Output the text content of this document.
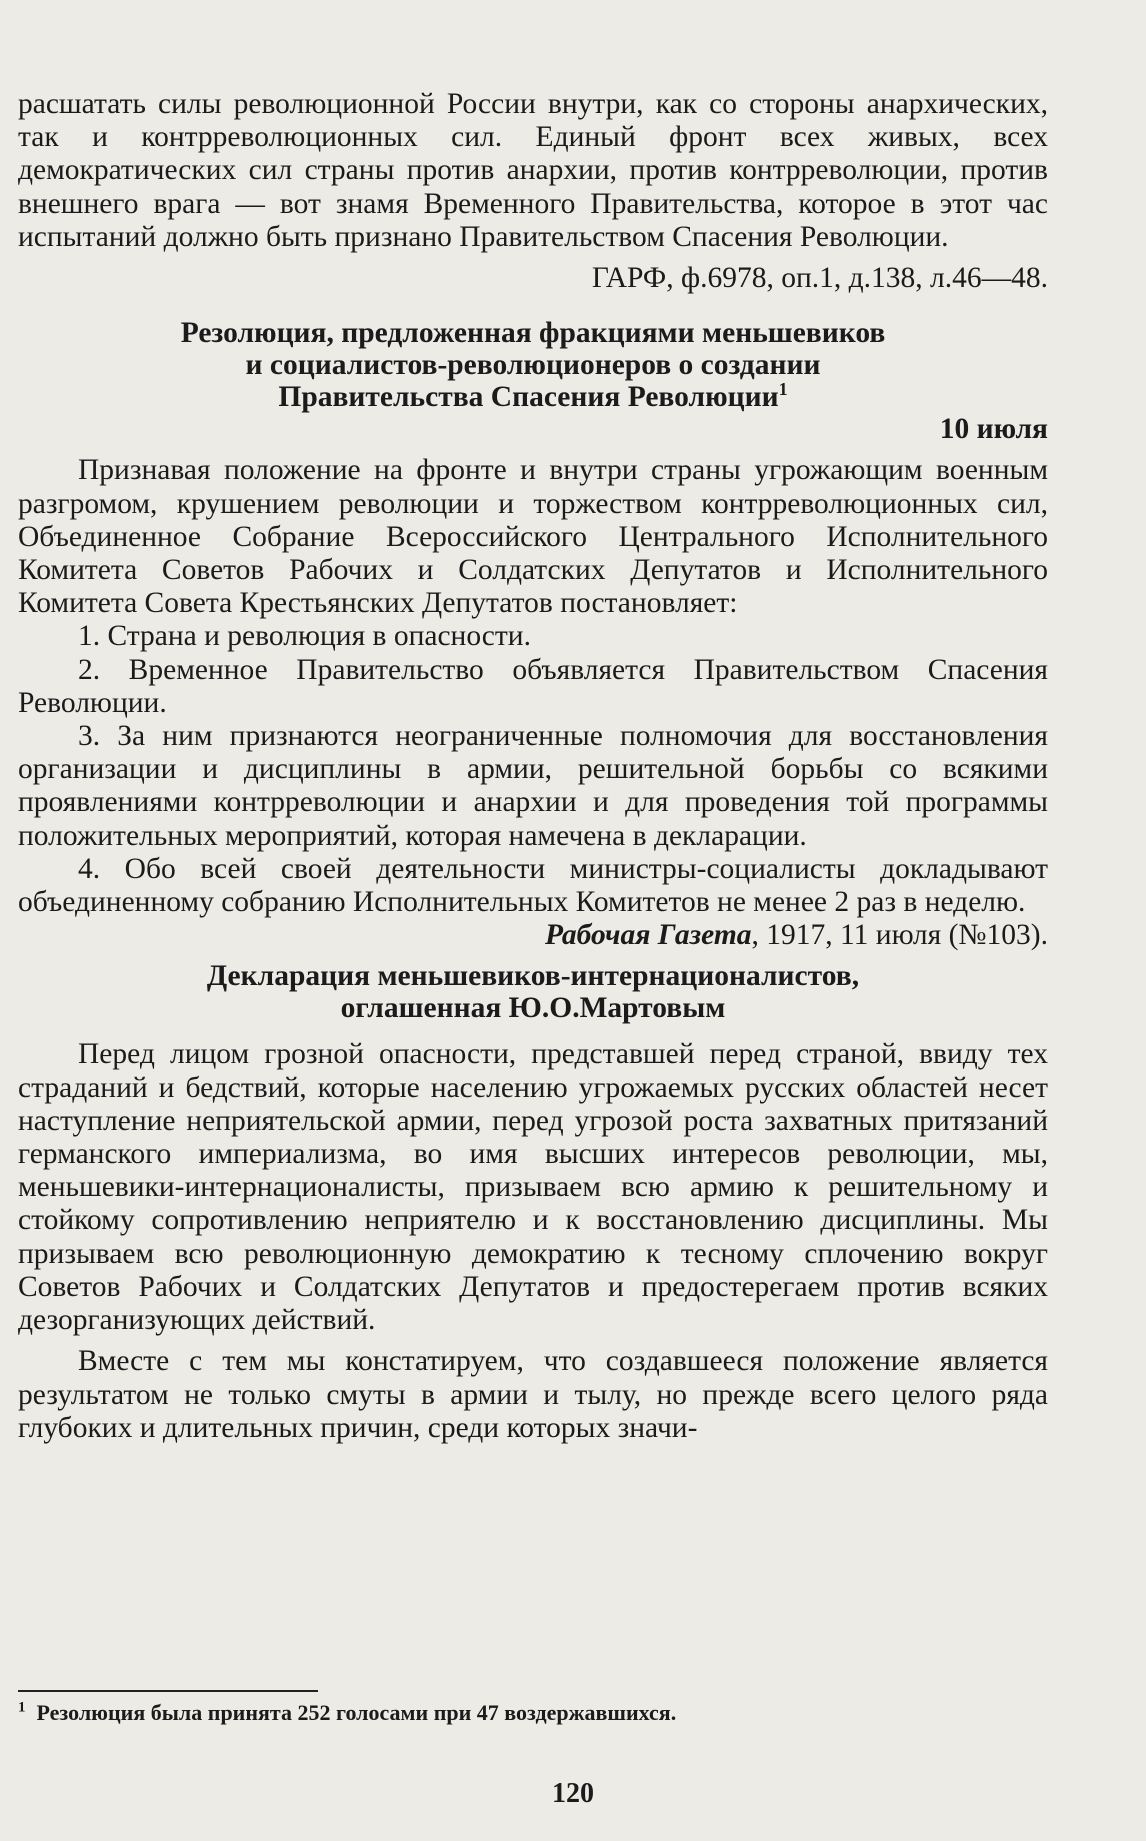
расшатать силы революционной России внутри, как со стороны анархических, так и контрреволюционных сил. Единый фронт всех живых, всех демократических сил страны против анархии, против контрреволюции, против внешнего врага — вот знамя Временного Правительства, которое в этот час испытаний должно быть признано Правительством Спасения Революции.

ГАРФ, ф.6978, оп.1, д.138, л.46—48.

Резолюция, предложенная фракциями меньшевиков

и социалистов-революционеров о создании

Правительства Спасения Революции$^1$

10 июля

Признавая положение на фронте и внутри страны угрожающим военным разгромом, крушением революции и торжеством контрреволюционных сил, Объединенное Собрание Всероссийского Центрального Исполнительного Комитета Советов Рабочих и Солдатских Депутатов и Исполнительного Комитета Совета Крестьянских Депутатов постановляет:

1. Страна и революция в опасности.

2. Временное Правительство объявляется Правительством Спасения Революции.

3. За ним признаются неограниченные полномочия для восстановления организации и дисциплины в армии, решительной борьбы со всякими проявлениями контрреволюции и анархии и для проведения той программы положительных мероприятий, которая намечена в декларации.

4. Обо всей своей деятельности министры-социалисты докладывают объединенному собранию Исполнительных Комитетов не менее 2 раз в неделю.

Рабочая Газета, 1917, 11 июля (№103).

Декларация меньшевиков-интернационалистов,

оглашенная Ю.О.Мартовым

Перед лицом грозной опасности, представшей перед страной, ввиду тех страданий и бедствий, которые населению угрожаемых русских областей несет наступление неприятельской армии, перед угрозой роста захватных притязаний германского империализма, во имя высших интересов революции, мы, меньшевики-интернационалисты, призываем всю армию к решительному и стойкому сопротивлению неприятелю и к восстановлению дисциплины. Мы призываем всю революционную демократию к тесному сплочению вокруг Советов Рабочих и Солдатских Депутатов и предостерегаем против всяких дезорганизующих действий.

Вместе с тем мы констатируем, что создавшееся положение является результатом не только смуты в армии и тылу, но прежде всего целого ряда глубоких и длительных причин, среди которых значи-

$^1$ Резолюция была принята 252 голосами при 47 воздержавшихся.
120
